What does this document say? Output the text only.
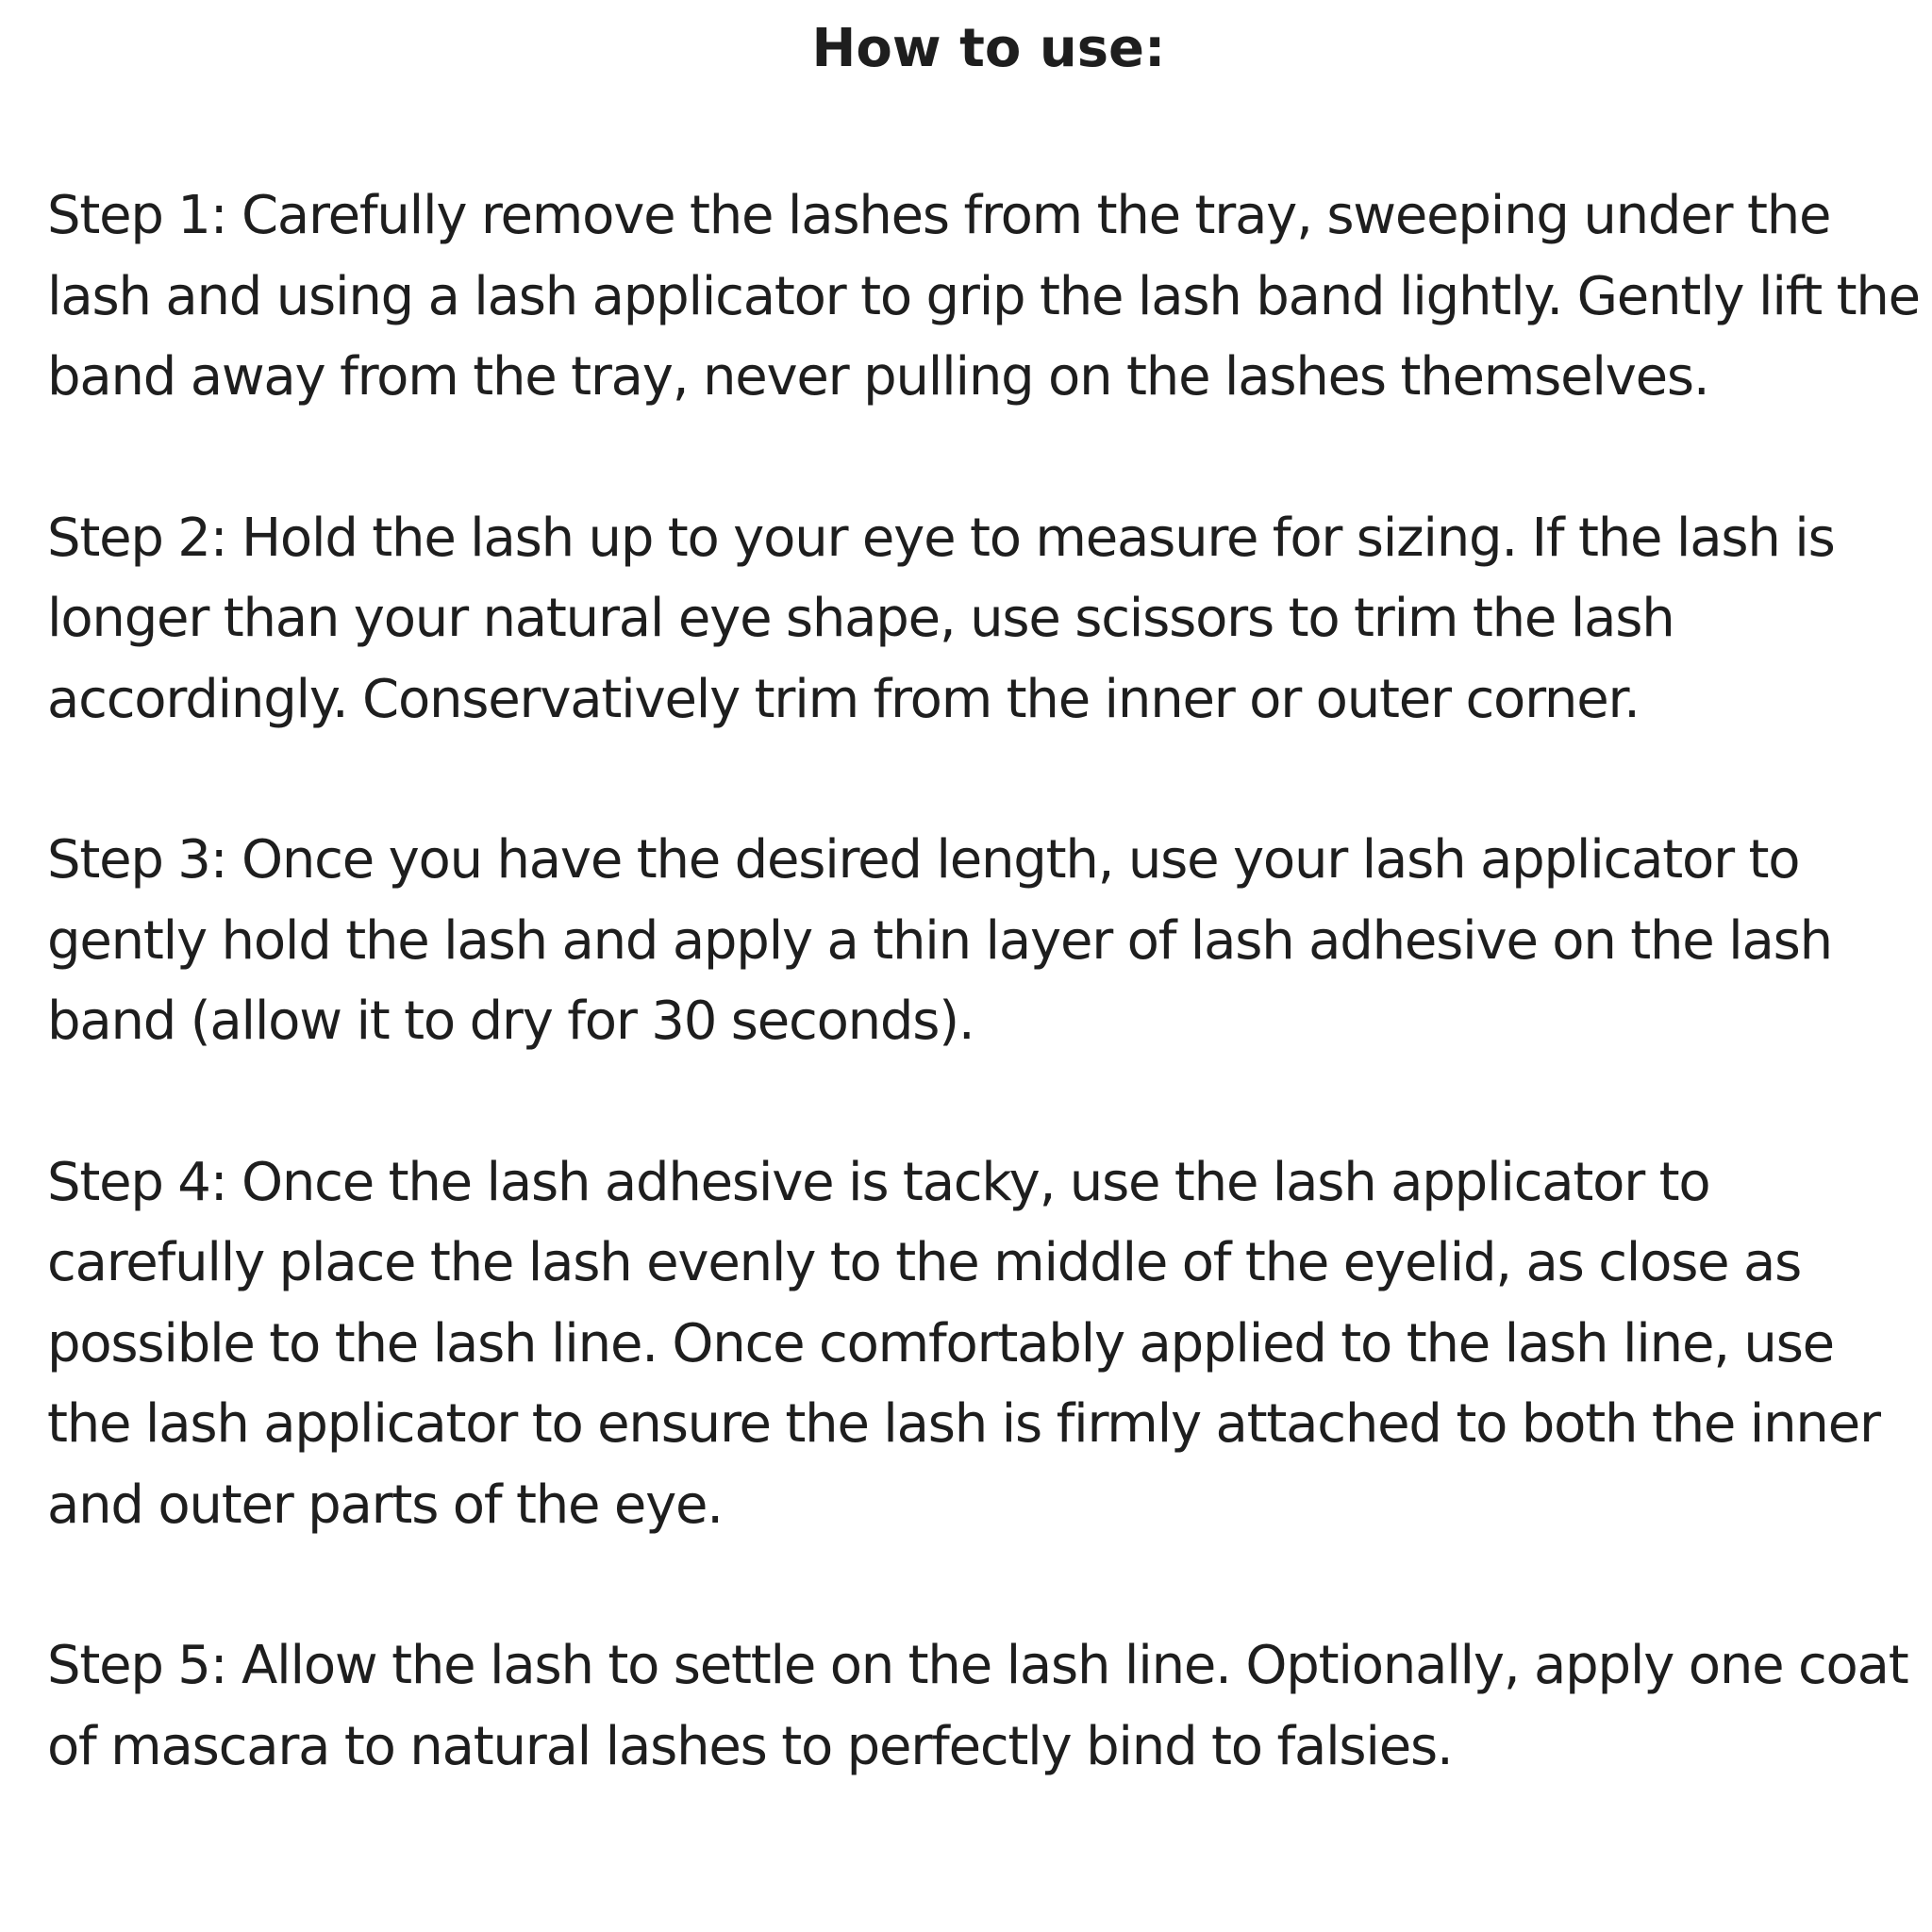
How to use:

Step 1: Carefully remove the lashes from the tray, sweeping under the lash and using a lash applicator to grip the lash band lightly. Gently lift the band away from the tray, never pulling on the lashes themselves.

Step 2: Hold the lash up to your eye to measure for sizing. If the lash is longer than your natural eye shape, use scissors to trim the lash accordingly. Conservatively trim from the inner or outer corner.

Step 3: Once you have the desired length, use your lash applicator to gently hold the lash and apply a thin layer of lash adhesive on the lash band (allow it to dry for 30 seconds).

Step 4: Once the lash adhesive is tacky, use the lash applicator to carefully place the lash evenly to the middle of the eyelid, as close as possible to the lash line. Once comfortably applied to the lash line, use the lash applicator to ensure the lash is firmly attached to both the inner and outer parts of the eye.

Step 5: Allow the lash to settle on the lash line. Optionally, apply one coat of mascara to natural lashes to perfectly bind to falsies.
